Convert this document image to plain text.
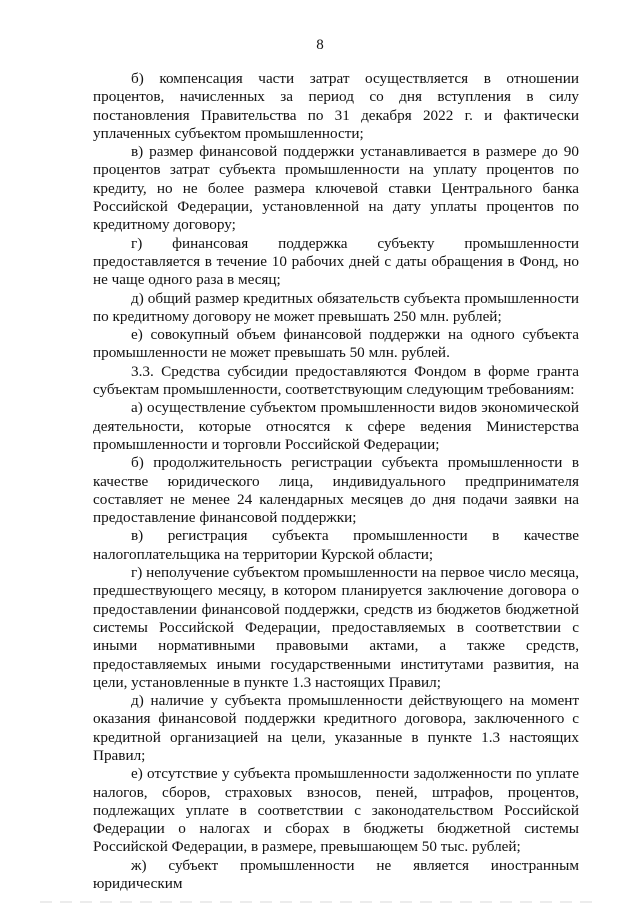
8

б) компенсация части затрат осуществляется в отношении процентов, начисленных за период со дня вступления в силу постановления Правительства по 31 декабря 2022 г. и фактически уплаченных субъектом промышленности;

в) размер финансовой поддержки устанавливается в размере до 90 процентов затрат субъекта промышленности на уплату процентов по кредиту, но не более размера ключевой ставки Центрального банка Российской Федерации, установленной на дату уплаты процентов по кредитному договору;

г) финансовая поддержка субъекту промышленности предоставляется в течение 10 рабочих дней с даты обращения в Фонд, но не чаще одного раза в месяц;

д) общий размер кредитных обязательств субъекта промышленности по кредитному договору не может превышать 250 млн. рублей;

е) совокупный объем финансовой поддержки на одного субъекта промышленности не может превышать 50 млн. рублей.

3.3. Средства субсидии предоставляются Фондом в форме гранта субъектам промышленности, соответствующим следующим требованиям:

а) осуществление субъектом промышленности видов экономической деятельности, которые относятся к сфере ведения Министерства промышленности и торговли Российской Федерации;

б) продолжительность регистрации субъекта промышленности в качестве юридического лица, индивидуального предпринимателя составляет не менее 24 календарных месяцев до дня подачи заявки на предоставление финансовой поддержки;

в) регистрация субъекта промышленности в качестве налогоплательщика на территории Курской области;

г) неполучение субъектом промышленности на первое число месяца, предшествующего месяцу, в котором планируется заключение договора о предоставлении финансовой поддержки, средств из бюджетов бюджетной системы Российской Федерации, предоставляемых в соответствии с иными нормативными правовыми актами, а также средств, предоставляемых иными государственными институтами развития, на цели, установленные в пункте 1.3 настоящих Правил;

д) наличие у субъекта промышленности действующего на момент оказания финансовой поддержки кредитного договора, заключенного с кредитной организацией на цели, указанные в пункте 1.3 настоящих Правил;

е) отсутствие у субъекта промышленности задолженности по уплате налогов, сборов, страховых взносов, пеней, штрафов, процентов, подлежащих уплате в соответствии с законодательством Российской Федерации о налогах и сборах в бюджеты бюджетной системы Российской Федерации, в размере, превышающем 50 тыс. рублей;

ж) субъект промышленности не является иностранным юридическим
